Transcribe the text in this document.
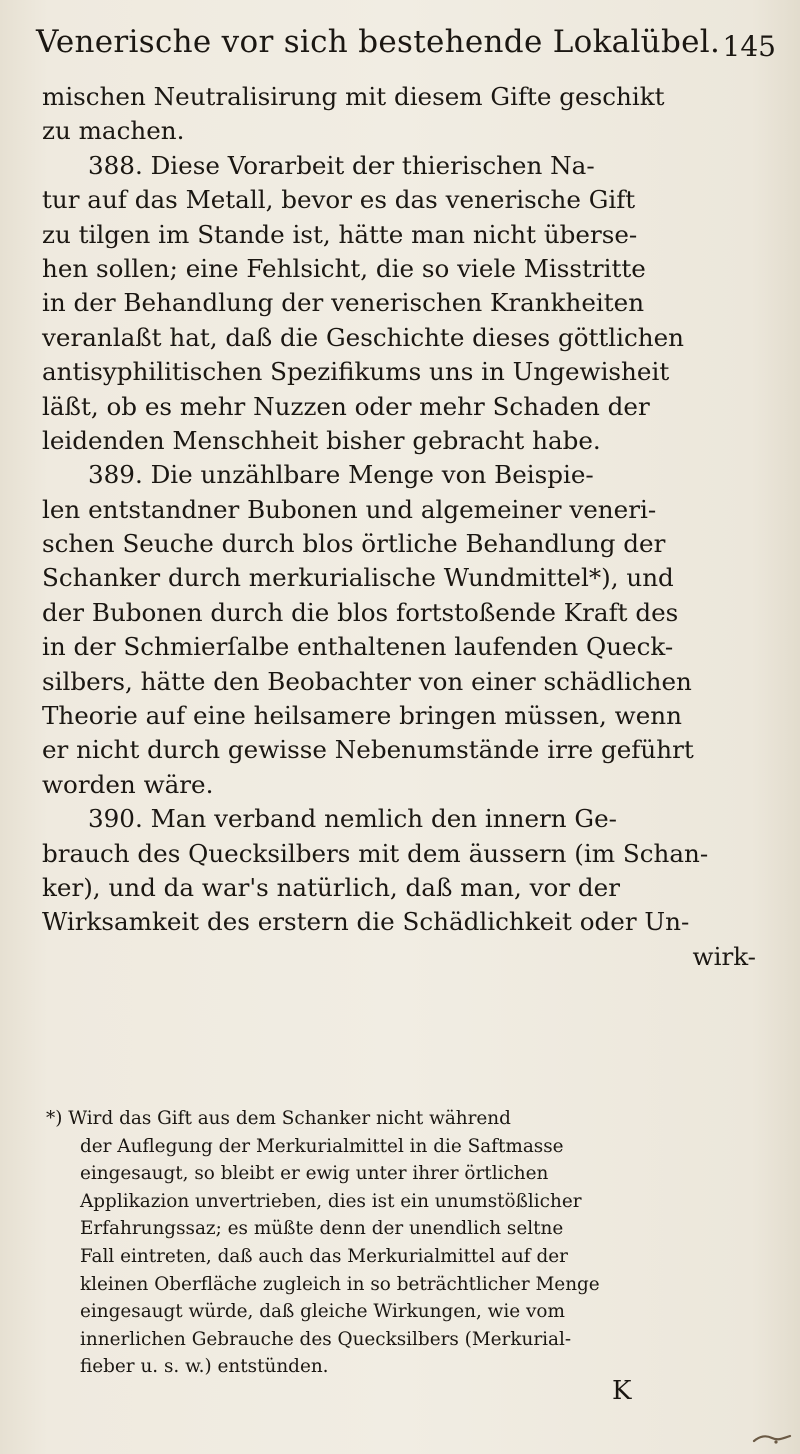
Venerische vor sich bestehende Lokalübel. 145
mischen Neutralisirung mit diesem Gifte geschikt
zu machen.
388. Diese Vorarbeit der thierischen Na-
tur auf das Metall, bevor es das venerische Gift
zu tilgen im Stande ist, hätte man nicht überse-
hen sollen; eine Fehlsicht, die so viele Misstritte
in der Behandlung der venerischen Krankheiten
veranlaßt hat, daß die Geschichte dieses göttlichen
antisyphilitischen Spezifikums uns in Ungewisheit
läßt, ob es mehr Nuzzen oder mehr Schaden der
leidenden Menschheit bisher gebracht habe.
389. Die unzählbare Menge von Beispie-
len entstandner Bubonen und algemeiner veneri-
schen Seuche durch blos örtliche Behandlung der
Schanker durch merkurialische Wundmittel*), und
der Bubonen durch die blos fortstoßende Kraft des
in der Schmierſalbe enthaltenen laufenden Queck-
silbers, hätte den Beobachter von einer schädlichen
Theorie auf eine heilsamere bringen müssen, wenn
er nicht durch gewisse Nebenumstände irre geführt
worden wäre.
390. Man verband nemlich den innern Ge-
brauch des Quecksilbers mit dem äussern (im Schan-
ker), und da war's natürlich, daß man, vor der
Wirksamkeit des erstern die Schädlichkeit oder Un-
wirk-
*) Wird das Gift aus dem Schanker nicht während
der Auflegung der Merkurialmittel in die Saftmasse
eingesaugt, so bleibt er ewig unter ihrer örtlichen
Applikazion unvertrieben, dies ist ein unumstößlicher
Erfahrungssaz; es müßte denn der unendlich seltne
Fall eintreten, daß auch das Merkurialmittel auf der
kleinen Oberfläche zugleich in so beträchtlicher Menge
eingesaugt würde, daß gleiche Wirkungen, wie vom
innerlichen Gebrauche des Quecksilbers (Merkurial-
fieber u. s. w.) entstünden.
K
